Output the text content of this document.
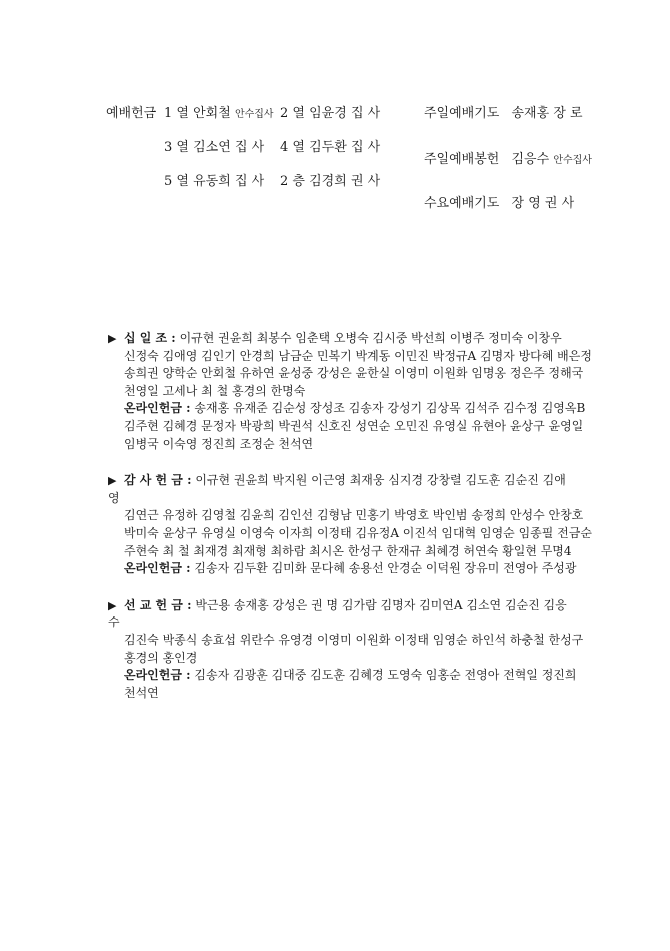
예배헌금 1 열 안회철 안수집사 2 열 임윤경 집 사
3 열 김소연 집 사 4 열 김두환 집 사
5 열 유동희 집 사 2 층 김경희 권 사
주일예배기도 송재홍 장 로
주일예배봉헌 김응수 안수집사
수요예배기도 장 영 권 사
▶ 십 일 조 : 이규현 권윤희 최봉수 임춘택 오병숙 김시중 박선희 이병주 정미숙 이창우
신정숙 김애영 김인기 안경희 남금순 민복기 박계동 이민진 박정규A 김명자 방다혜 배은정
송희권 양학순 안회철 유하연 윤성중 강성은 윤한실 이영미 이원화 임명옹 정은주 정해국
천영일 고세나 최 철 홍경의 한명숙
온라인헌금 : 송재홍 유재준 김순성 장성조 김송자 강성기 김상목 김석주 김수정 김영옥B
김주현 김혜경 문정자 박광희 박권석 신호진 성연순 오민진 유영실 유현아 윤상구 윤영일
임병국 이숙영 정진희 조정순 천석연
▶ 감 사 헌 금 : 이규현 권윤희 박지원 이근영 최재웅 심지경 강창렬 김도훈 김순진 김애영
김연근 유정하 김영철 김윤희 김인선 김형남 민홍기 박영호 박인범 송정희 안성수 안창호
박미숙 윤상구 유영실 이영숙 이자희 이정태 김유정A 이진석 임대혁 임영순 임종필 전금순
주현숙 최 철 최재경 최재형 최하람 최시온 한성구 한재규 최혜경 허연숙 황일현 무명4
온라인헌금 : 김송자 김두환 김미화 문다혜 송용선 안경순 이덕원 장유미 전영아 주성광
▶ 선 교 헌 금 : 박근용 송재홍 강성은 권 명 김가람 김명자 김미연A 김소연 김순진 김응수
김진숙 박종식 송효섭 위란수 유영경 이영미 이원화 이정태 임영순 하인석 하충철 한성구
홍경의 홍인경
온라인헌금 : 김송자 김광훈 김대중 김도훈 김혜경 도영숙 임홍순 전영아 전혁일 정진희
천석연
